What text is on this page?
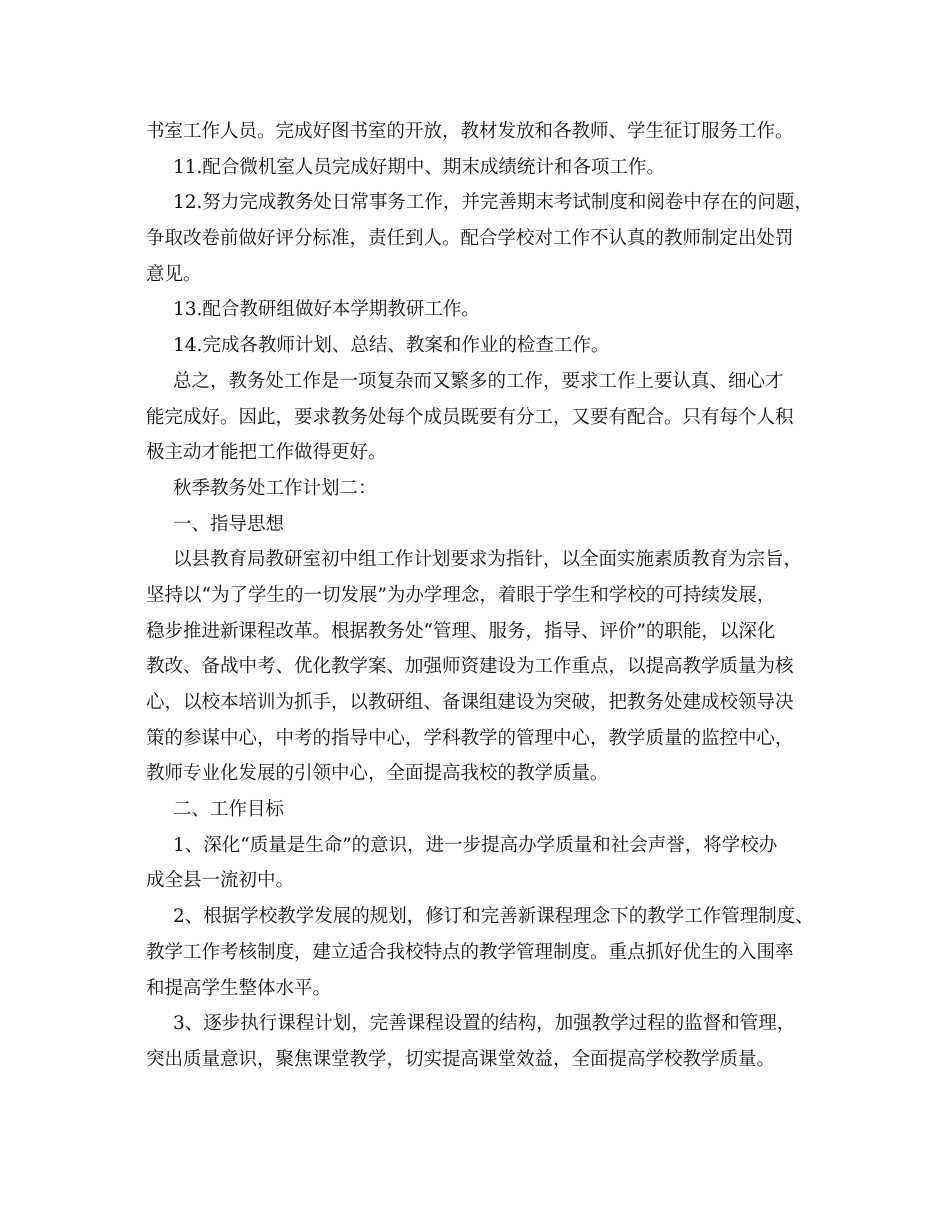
书室工作人员。完成好图书室的开放，教材发放和各教师、学生征订服务工作。
11.配合微机室人员完成好期中、期末成绩统计和各项工作。
12.努力完成教务处日常事务工作，并完善期末考试制度和阅卷中存在的问题，
争取改卷前做好评分标准，责任到人。配合学校对工作不认真的教师制定出处罚
意见。
13.配合教研组做好本学期教研工作。
14.完成各教师计划、总结、教案和作业的检查工作。
总之，教务处工作是一项复杂而又繁多的工作，要求工作上要认真、细心才
能完成好。因此，要求教务处每个成员既要有分工，又要有配合。只有每个人积
极主动才能把工作做得更好。
秋季教务处工作计划二：
一、指导思想
以县教育局教研室初中组工作计划要求为指针，以全面实施素质教育为宗旨，
坚持以“为了学生的一切发展”为办学理念，着眼于学生和学校的可持续发展，
稳步推进新课程改革。根据教务处“管理、服务，指导、评价”的职能，以深化
教改、备战中考、优化教学案、加强师资建设为工作重点，以提高教学质量为核
心，以校本培训为抓手，以教研组、备课组建设为突破，把教务处建成校领导决
策的参谋中心，中考的指导中心，学科教学的管理中心，教学质量的监控中心，
教师专业化发展的引领中心，全面提高我校的教学质量。
二、工作目标
1、深化“质量是生命”的意识，进一步提高办学质量和社会声誉，将学校办
成全县一流初中。
2、根据学校教学发展的规划，修订和完善新课程理念下的教学工作管理制度、
教学工作考核制度，建立适合我校特点的教学管理制度。重点抓好优生的入围率
和提高学生整体水平。
3、逐步执行课程计划，完善课程设置的结构，加强教学过程的监督和管理，
突出质量意识，聚焦课堂教学，切实提高课堂效益，全面提高学校教学质量。
